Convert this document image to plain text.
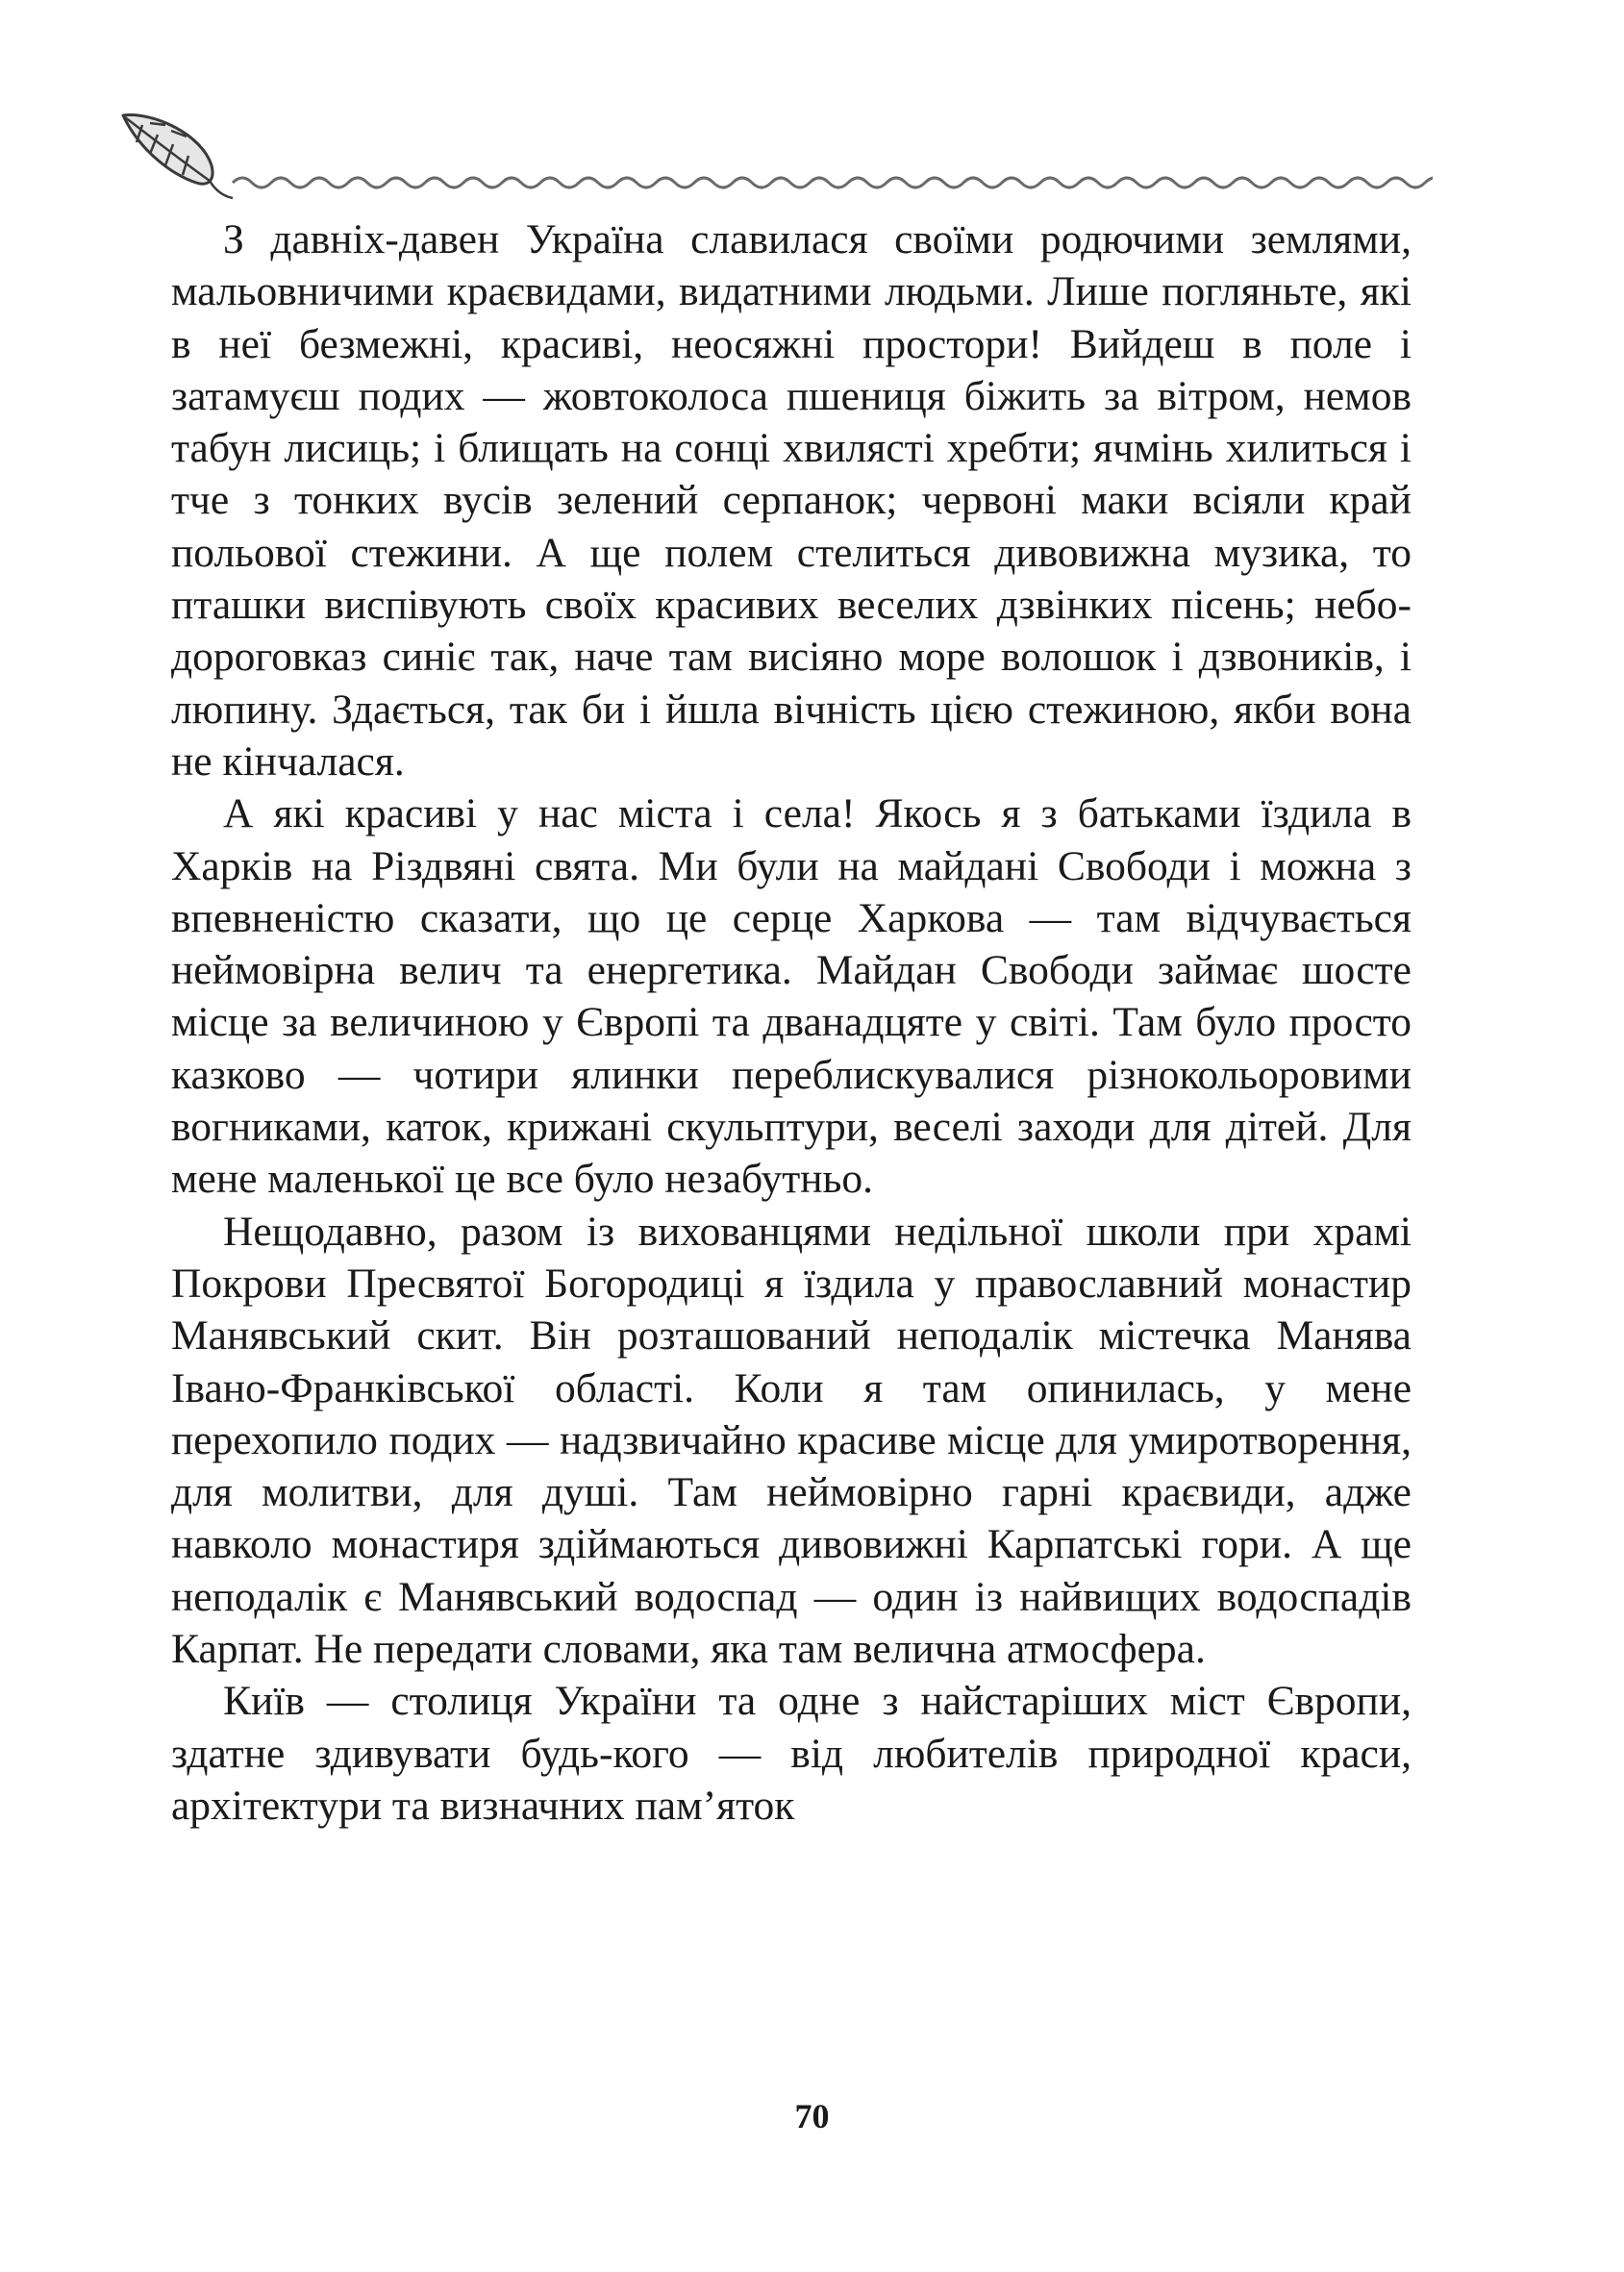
З давніх-давен Україна славилася своїми родючими землями, мальовничими краєвидами, видатними людьми. Лише погляньте, які в неї безмежні, красиві, неосяжні простори! Вийдеш в поле і затамуєш подих — жовтоколоса пшениця біжить за вітром, немов табун лисиць; і блищать на сонці хвилясті хребти; ячмінь хилиться і тче з тонких вусів зелений серпанок; червоні маки всіяли край польової стежини. А ще полем стелиться дивовижна музика, то пташки виспівують своїх красивих веселих дзвінких пісень; небо-дороговказ синіє так, наче там висіяно море волошок і дзвоників, і люпину. Здається, так би і йшла вічність цією стежиною, якби вона не кінчалася.

А які красиві у нас міста і села! Якось я з батьками їздила в Харків на Різдвяні свята. Ми були на майдані Свободи і можна з впевненістю сказати, що це серце Харкова — там відчувається неймовірна велич та енергетика. Майдан Свободи займає шосте місце за величиною у Європі та дванадцяте у світі. Там було просто казково — чотири ялинки переблискувалися різнокольоровими вогниками, каток, крижані скульптури, веселі заходи для дітей. Для мене маленької це все було незабутньо.

Нещодавно, разом із вихованцями недільної школи при храмі Покрови Пресвятої Богородиці я їздила у православний монастир Манявський скит. Він розташований неподалік містечка Манява Івано-Франківської області. Коли я там опинилась, у мене перехопило подих — надзвичайно красиве місце для умиротворення, для молитви, для душі. Там неймовірно гарні краєвиди, адже навколо монастиря здіймаються дивовижні Карпатські гори. А ще неподалік є Манявський водоспад — один із найвищих водоспадів Карпат. Не передати словами, яка там велична атмосфера.

Київ — столиця України та одне з найстаріших міст Європи, здатне здивувати будь-кого — від любителів природної краси, архітектури та визначних пам’яток

70
